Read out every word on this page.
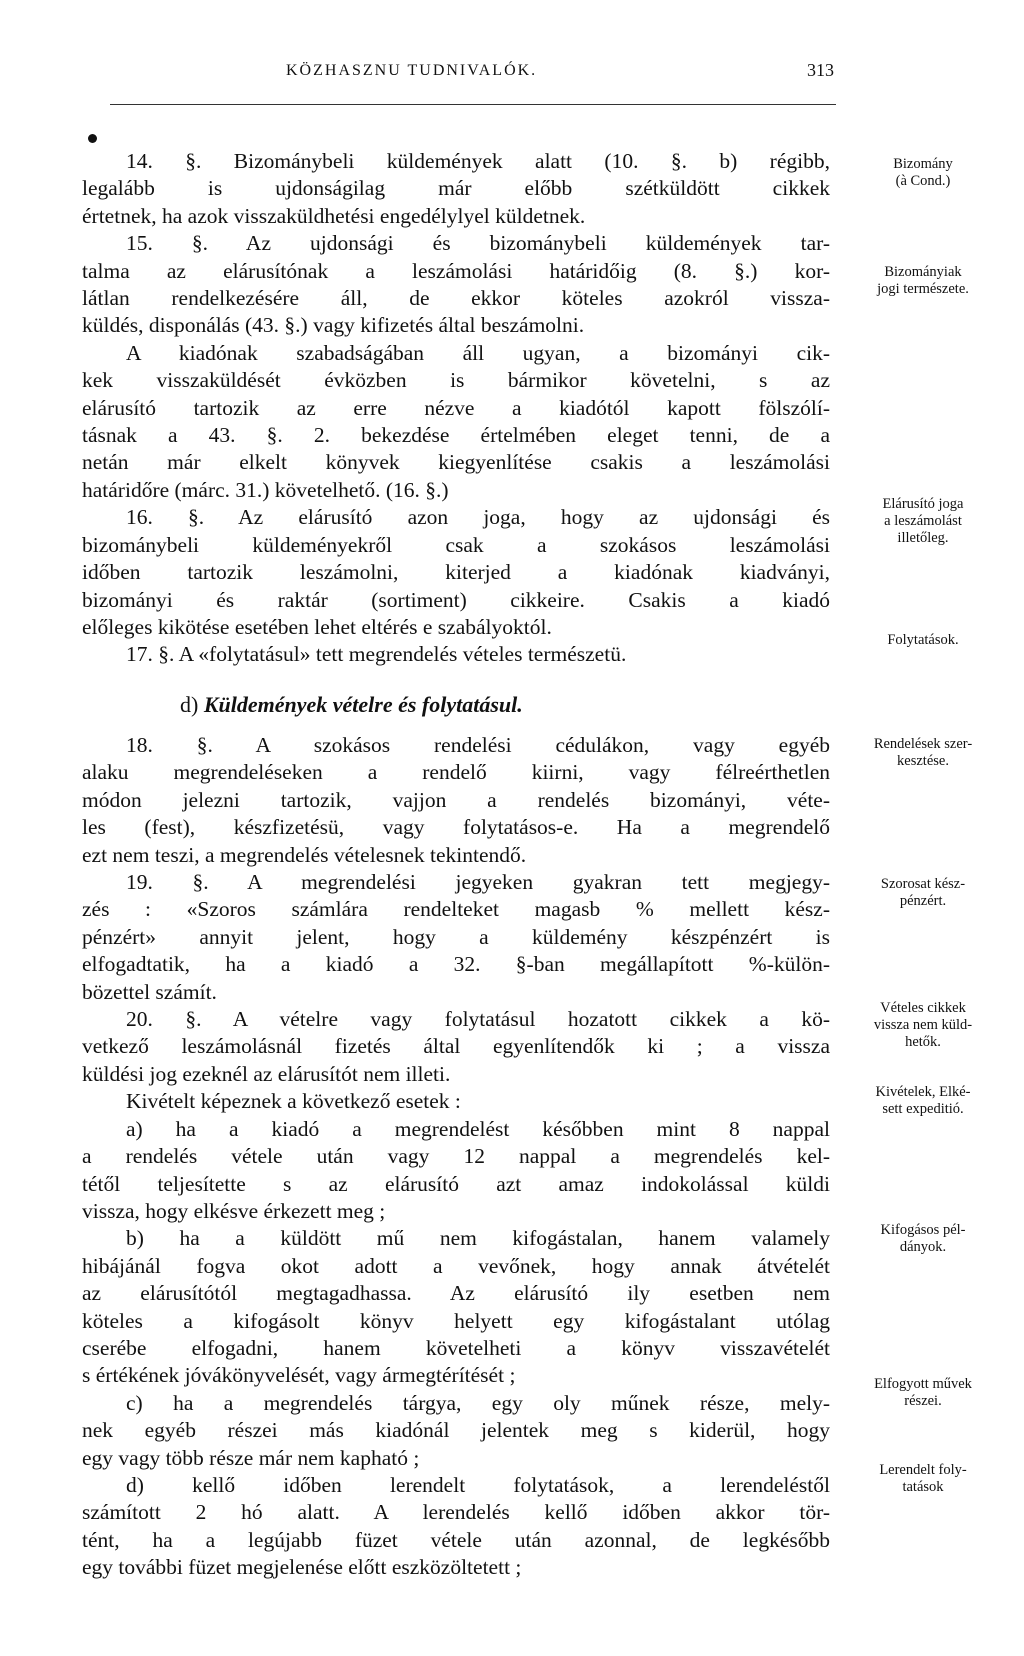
KÖZHASZNU TUDNIVALÓK.	313
14. §. Bizománybeli küldemények alatt (10. §. b) régibb,
legalább is ujdonságilag már előbb szétküldött cikkek
értetnek, ha azok visszaküldhetési engedélylyel küldetnek.
15. §. Az ujdonsági és bizománybeli küldemények tar-
talma az elárusítónak a leszámolási határidőig (8. §.) kor-
látlan rendelkezésére áll, de ekkor köteles azokról vissza-
küldés, disponálás (43. §.) vagy kifizetés által beszámolni.
A kiadónak szabadságában áll ugyan, a bizományi cik-
kek visszaküldését évközben is bármikor követelni, s az
elárusító tartozik az erre nézve a kiadótól kapott fölszólí-
tásnak a 43. §. 2. bekezdése értelmében eleget tenni, de a
netán már elkelt könyvek kiegyenlítése csakis a leszámolási
határidőre (márc. 31.) követelhető. (16. §.)
16. §. Az elárusító azon joga, hogy az ujdonsági és
bizománybeli küldeményekről csak a szokásos leszámolási
időben tartozik leszámolni, kiterjed a kiadónak kiadványi,
bizományi és raktár (sortiment) cikkeire. Csakis a kiadó
előleges kikötése esetében lehet eltérés e szabályoktól.
17. §. A «folytatásul» tett megrendelés vételes természetü.
d) Küldemények vételre és folytatásul.
18. §. A szokásos rendelési cédulákon, vagy egyéb
alaku megrendeléseken a rendelő kiirni, vagy félreérthetlen
módon jelezni tartozik, vajjon a rendelés bizományi, véte-
les (fest), készfizetésü, vagy folytatásos-e. Ha a megrendelő
ezt nem teszi, a megrendelés vételesnek tekintendő.
19. §. A megrendelési jegyeken gyakran tett megjegy-
zés : «Szoros számlára rendelteket magasb % mellett kész-
pénzért» annyit jelent, hogy a küldemény készpénzért is
elfogadtatik, ha a kiadó a 32. §-ban megállapított %-külön-
bözettel számít.
20. §. A vételre vagy folytatásul hozatott cikkek a kö-
vetkező leszámolásnál fizetés által egyenlítendők ki ; a vissza
küldési jog ezeknél az elárusítót nem illeti.
Kivételt képeznek a következő esetek :
a) ha a kiadó a megrendelést későbben mint 8 nappal
a rendelés vétele után vagy 12 nappal a megrendelés kel-
tétől teljesítette s az elárusító azt amaz indokolással küldi
vissza, hogy elkésve érkezett meg ;
b) ha a küldött mű nem kifogástalan, hanem valamely
hibájánál fogva okot adott a vevőnek, hogy annak átvételét
az elárusítótól megtagadhassa. Az elárusító ily esetben nem
köteles a kifogásolt könyv helyett egy kifogástalant utólag
cserébe elfogadni, hanem követelheti a könyv visszavételét
s értékének jóvákönyvelését, vagy ármegtérítését ;
c) ha a megrendelés tárgya, egy oly műnek része, mely-
nek egyéb részei más kiadónál jelentek meg s kiderül, hogy
egy vagy több része már nem kapható ;
d) kellő időben lerendelt folytatások, a lerendeléstől
számított 2 hó alatt. A lerendelés kellő időben akkor tör-
tént, ha a legújabb füzet vétele után azonnal, de legkésőbb
egy további füzet megjelenése előtt eszközöltetett ;
Bizomány
(à Cond.)
Bizományiak
jogi természete.
Elárusító joga
a leszámolást
illetőleg.
Folytatások.
Rendelések szer-
kesztése.
Szorosat kész-
pénzért.
Vételes cikkek
vissza nem küld-
hetők.
Kivételek, Elké-
sett expeditió.
Kifogásos pél-
dányok.
Elfogyott művek
részei.
Lerendelt foly-
tatások
